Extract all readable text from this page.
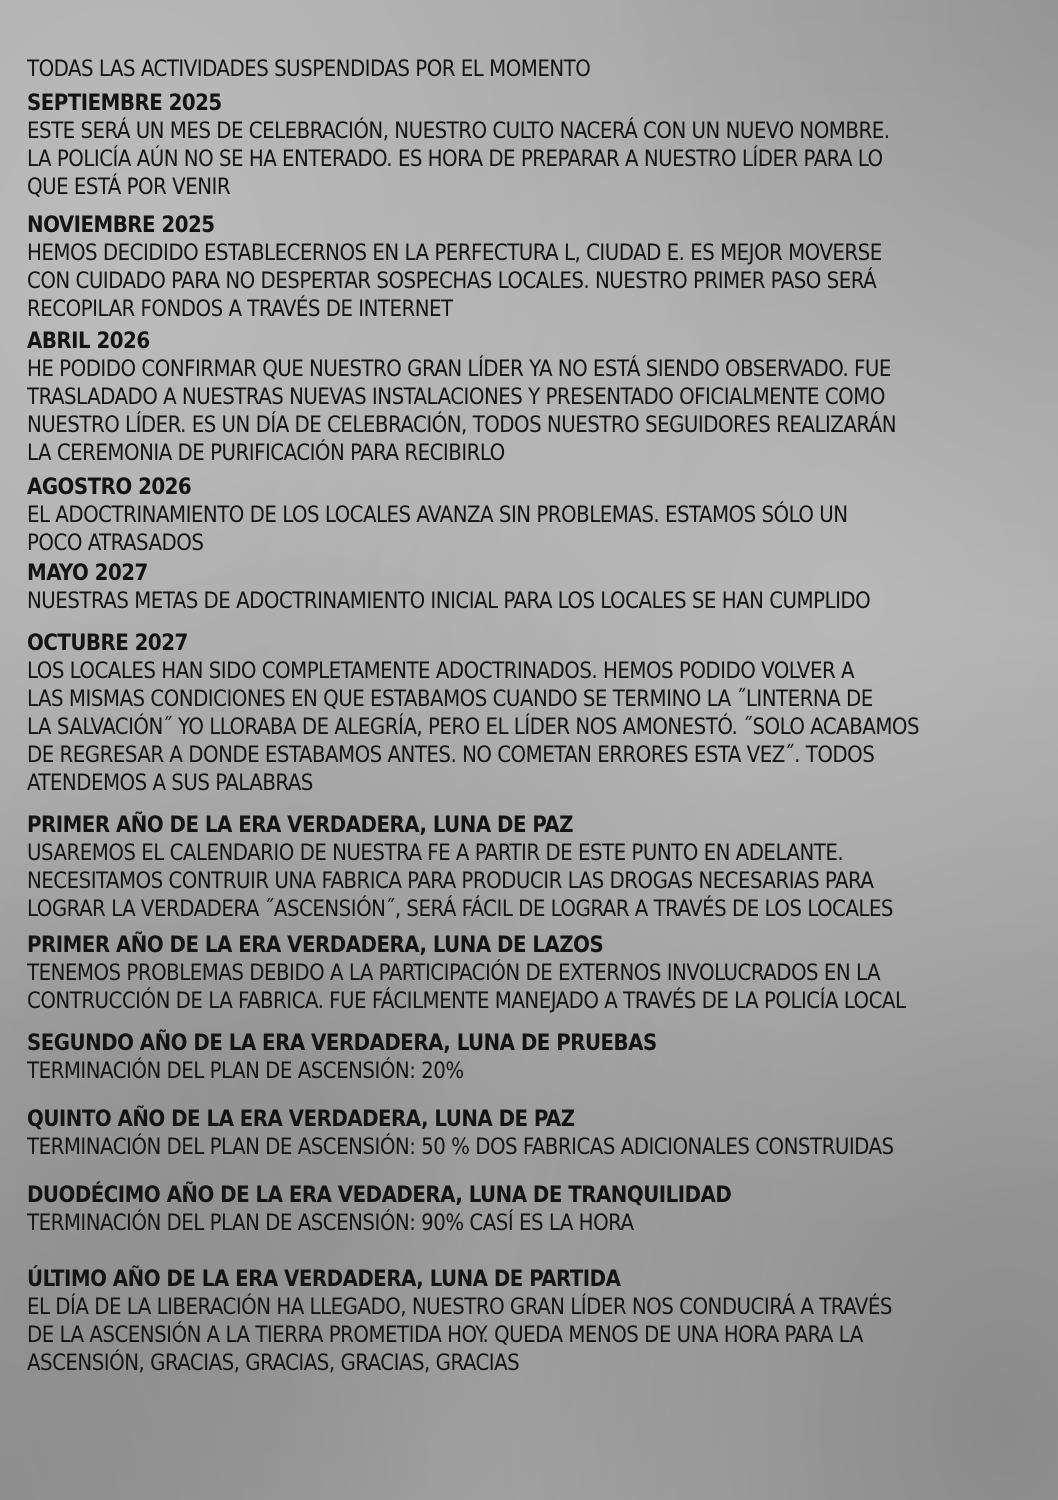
TODAS LAS ACTIVIDADES SUSPENDIDAS POR EL MOMENTO

SEPTIEMBRE 2025

ESTE SERÁ UN MES DE CELEBRACIÓN, NUESTRO CULTO NACERÁ CON UN NUEVO NOMBRE.

LA POLICÍA AÚN NO SE HA ENTERADO. ES HORA DE PREPARAR A NUESTRO LÍDER PARA LO

QUE ESTÁ POR VENIR

NOVIEMBRE 2025

HEMOS DECIDIDO ESTABLECERNOS EN LA PERFECTURA L, CIUDAD E. ES MEJOR MOVERSE

CON CUIDADO PARA NO DESPERTAR SOSPECHAS LOCALES. NUESTRO PRIMER PASO SERÁ

RECOPILAR FONDOS A TRAVÉS DE INTERNET

ABRIL 2026

HE PODIDO CONFIRMAR QUE NUESTRO GRAN LÍDER YA NO ESTÁ SIENDO OBSERVADO. FUE

TRASLADADO A NUESTRAS NUEVAS INSTALACIONES Y PRESENTADO OFICIALMENTE COMO

NUESTRO LÍDER. ES UN DÍA DE CELEBRACIÓN, TODOS NUESTRO SEGUIDORES REALIZARÁN

LA CEREMONIA DE PURIFICACIÓN PARA RECIBIRLO

AGOSTRO 2026

EL ADOCTRINAMIENTO DE LOS LOCALES AVANZA SIN PROBLEMAS. ESTAMOS SÓLO UN

POCO ATRASADOS

MAYO 2027

NUESTRAS METAS DE ADOCTRINAMIENTO INICIAL PARA LOS LOCALES SE HAN CUMPLIDO

OCTUBRE 2027

LOS LOCALES HAN SIDO COMPLETAMENTE ADOCTRINADOS. HEMOS PODIDO VOLVER A

LAS MISMAS CONDICIONES EN QUE ESTABAMOS CUANDO SE TERMINO LA ˝LINTERNA DE

LA SALVACIÓN˝ YO LLORABA DE ALEGRÍA, PERO EL LÍDER NOS AMONESTÓ. ˝SOLO ACABAMOS

DE REGRESAR A DONDE ESTABAMOS ANTES. NO COMETAN ERRORES ESTA VEZ˝. TODOS

ATENDEMOS A SUS PALABRAS

PRIMER AÑO DE LA ERA VERDADERA, LUNA DE PAZ

USAREMOS EL CALENDARIO DE NUESTRA FE A PARTIR DE ESTE PUNTO EN ADELANTE.

NECESITAMOS CONTRUIR UNA FABRICA PARA PRODUCIR LAS DROGAS NECESARIAS PARA

LOGRAR LA VERDADERA ˝ASCENSIÓN˝, SERÁ FÁCIL DE LOGRAR A TRAVÉS DE LOS LOCALES

PRIMER AÑO DE LA ERA VERDADERA, LUNA DE LAZOS

TENEMOS PROBLEMAS DEBIDO A LA PARTICIPACIÓN DE EXTERNOS INVOLUCRADOS EN LA

CONTRUCCIÓN DE LA FABRICA. FUE FÁCILMENTE MANEJADO A TRAVÉS DE LA POLICÍA LOCAL

SEGUNDO AÑO DE LA ERA VERDADERA, LUNA DE PRUEBAS

TERMINACIÓN DEL PLAN DE ASCENSIÓN: 20%

QUINTO AÑO DE LA ERA VERDADERA, LUNA DE PAZ

TERMINACIÓN DEL PLAN DE ASCENSIÓN: 50 % DOS FABRICAS ADICIONALES CONSTRUIDAS

DUODÉCIMO AÑO DE LA ERA VEDADERA, LUNA DE TRANQUILIDAD

TERMINACIÓN DEL PLAN DE ASCENSIÓN: 90% CASÍ ES LA HORA

ÚLTIMO AÑO DE LA ERA VERDADERA, LUNA DE PARTIDA

EL DÍA DE LA LIBERACIÓN HA LLEGADO, NUESTRO GRAN LÍDER NOS CONDUCIRÁ A TRAVÉS

DE LA ASCENSIÓN A LA TIERRA PROMETIDA HOY. QUEDA MENOS DE UNA HORA PARA LA

ASCENSIÓN, GRACIAS, GRACIAS, GRACIAS, GRACIAS
